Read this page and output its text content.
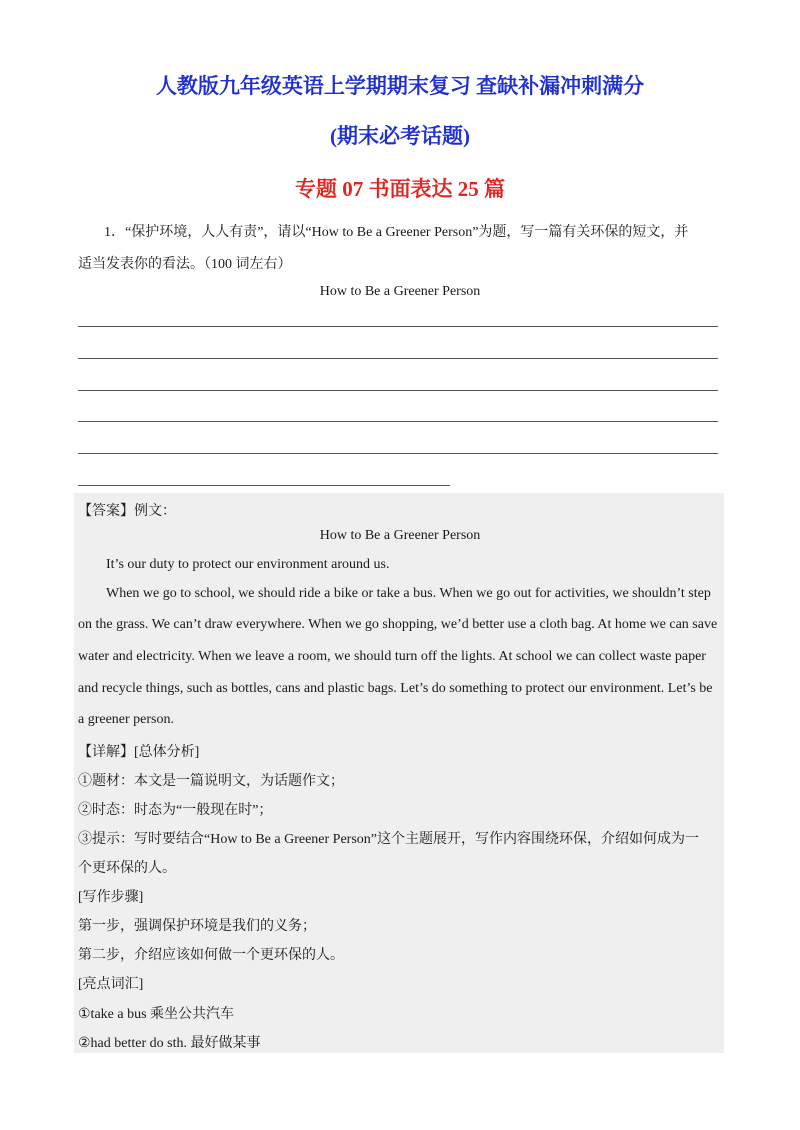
人教版九年级英语上学期期末复习 查缺补漏冲刺满分
(期末必考话题)
专题 07 书面表达 25 篇
1．“保护环境，人人有责”，请以“How to Be a Greener Person”为题，写一篇有关环保的短文，并
适当发表你的看法。（100 词左右）
How to Be a Greener Person
【答案】例文：
How to Be a Greener Person
It’s our duty to protect our environment around us.
When we go to school, we should ride a bike or take a bus. When we go out for activities, we shouldn’t step
on the grass. We can’t draw everywhere. When we go shopping, we’d better use a cloth bag. At home we can save
water and electricity. When we leave a room, we should turn off the lights. At school we can collect waste paper
and recycle things, such as bottles, cans and plastic bags. Let’s do something to protect our environment. Let’s be
a greener person.
【详解】[总体分析]
①题材：本文是一篇说明文，为话题作文；
②时态：时态为“一般现在时”；
③提示：写时要结合“How to Be a Greener Person”这个主题展开，写作内容围绕环保，介绍如何成为一
个更环保的人。
[写作步骤]
第一步，强调保护环境是我们的义务；
第二步，介绍应该如何做一个更环保的人。
[亮点词汇]
①take a bus 乘坐公共汽车
②had better do sth. 最好做某事
